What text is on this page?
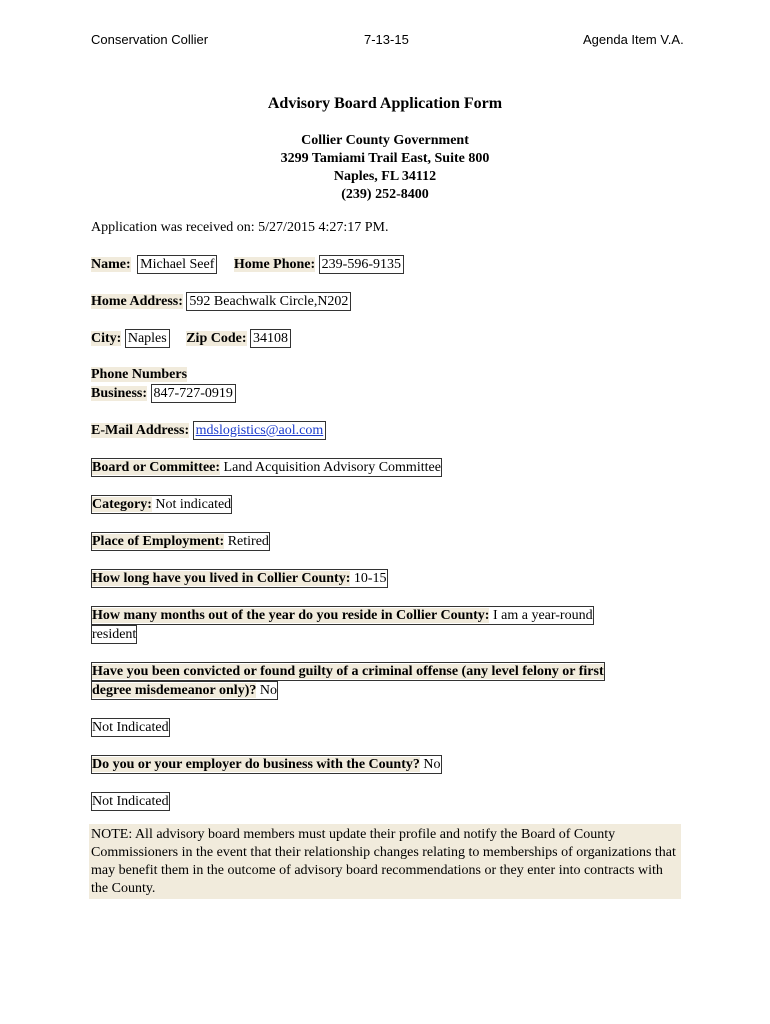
Conservation Collier	7-13-15	Agenda Item V.A.
Advisory Board Application Form
Collier County Government
3299 Tamiami Trail East, Suite 800
Naples, FL 34112
(239) 252-8400
Application was received on: 5/27/2015 4:27:17 PM.
Name: Michael Seef Home Phone: 239-596-9135
Home Address: 592 Beachwalk Circle,N202
City: Naples Zip Code: 34108
Phone Numbers
Business: 847-727-0919
E-Mail Address: mdslogistics@aol.com
Board or Committee: Land Acquisition Advisory Committee
Category: Not indicated
Place of Employment: Retired
How long have you lived in Collier County: 10-15
How many months out of the year do you reside in Collier County: I am a year-round
resident
Have you been convicted or found guilty of a criminal offense (any level felony or first
degree misdemeanor only)? No
Not Indicated
Do you or your employer do business with the County? No
Not Indicated
NOTE: All advisory board members must update their profile and notify the Board of County Commissioners in the event that their relationship changes relating to memberships of organizations that may benefit them in the outcome of advisory board recommendations or they enter into contracts with the County.
